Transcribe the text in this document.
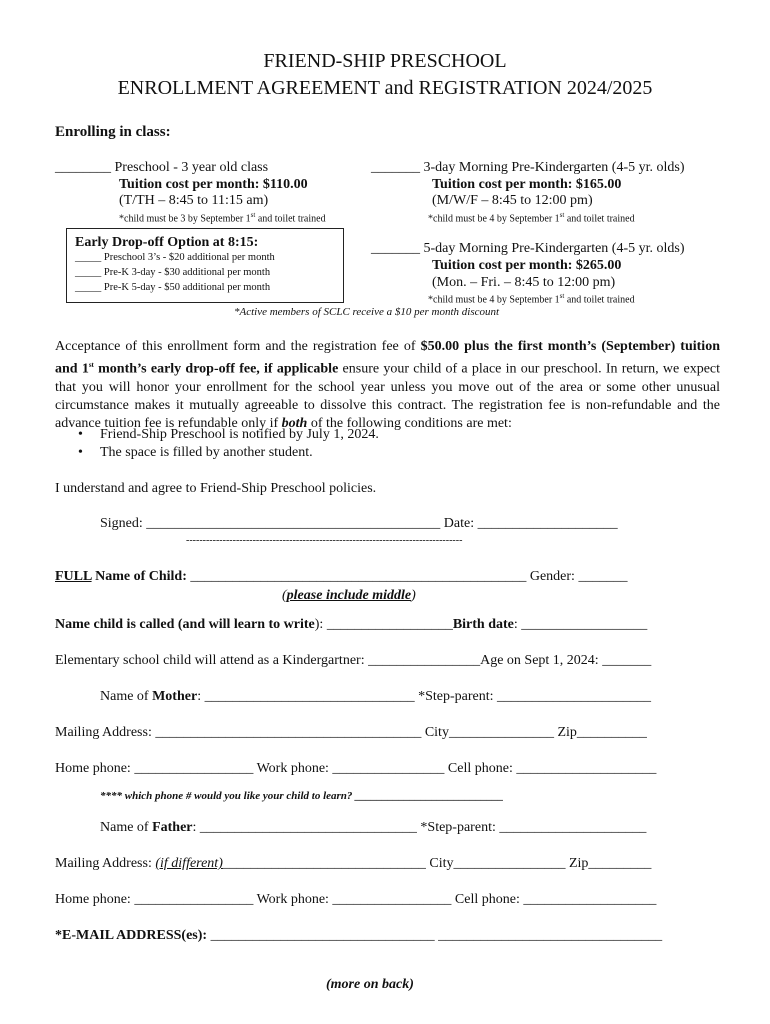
FRIEND-SHIP PRESCHOOL
ENROLLMENT AGREEMENT and REGISTRATION 2024/2025
Enrolling in class:
________ Preschool - 3 year old class
Tuition cost per month: $110.00
(T/TH – 8:45 to 11:15 am)
*child must be 3 by September 1st and toilet trained
_______ 3-day Morning Pre-Kindergarten (4-5 yr. olds)
Tuition cost per month: $165.00
(M/W/F – 8:45 to 12:00 pm)
*child must be 4 by September 1st and toilet trained
Early Drop-off Option at 8:15:
_____ Preschool 3’s - $20 additional per month
_____ Pre-K 3-day - $30 additional per month
_____ Pre-K 5-day - $50 additional per month
_______ 5-day Morning Pre-Kindergarten (4-5 yr. olds)
Tuition cost per month: $265.00
(Mon. – Fri. – 8:45 to 12:00 pm)
*child must be 4 by September 1st and toilet trained
*Active members of SCLC receive a $10 per month discount
Acceptance of this enrollment form and the registration fee of $50.00 plus the first month’s (September) tuition and 1st month’s early drop-off fee, if applicable ensure your child of a place in our preschool. In return, we expect that you will honor your enrollment for the school year unless you move out of the area or some other unusual circumstance makes it mutually agreeable to dissolve this contract. The registration fee is non-refundable and the advance tuition fee is refundable only if both of the following conditions are met:
• Friend-Ship Preschool is notified by July 1, 2024.
• The space is filled by another student.
I understand and agree to Friend-Ship Preschool policies.
Signed: __________________________________________ Date: ____________________
-----------------------------------------------------------------------------------
FULL Name of Child: ________________________________________________ Gender: _______
(please include middle)
Name child is called (and will learn to write): __________________Birth date: __________________
Elementary school child will attend as a Kindergartner: ________________Age on Sept 1, 2024: _______
Name of Mother: ______________________________ *Step-parent: ______________________
Mailing Address: ______________________________________ City_______________ Zip__________
Home phone: _________________ Work phone: ________________ Cell phone: ____________________
**** which phone # would you like your child to learn? ___________________________
Name of Father: _______________________________ *Step-parent: _____________________
Mailing Address: (if different)_____________________________ City________________ Zip_________
Home phone: _________________ Work phone: _________________ Cell phone: ___________________
*E-MAIL ADDRESS(es): ________________________________ ________________________________
(more on back)
